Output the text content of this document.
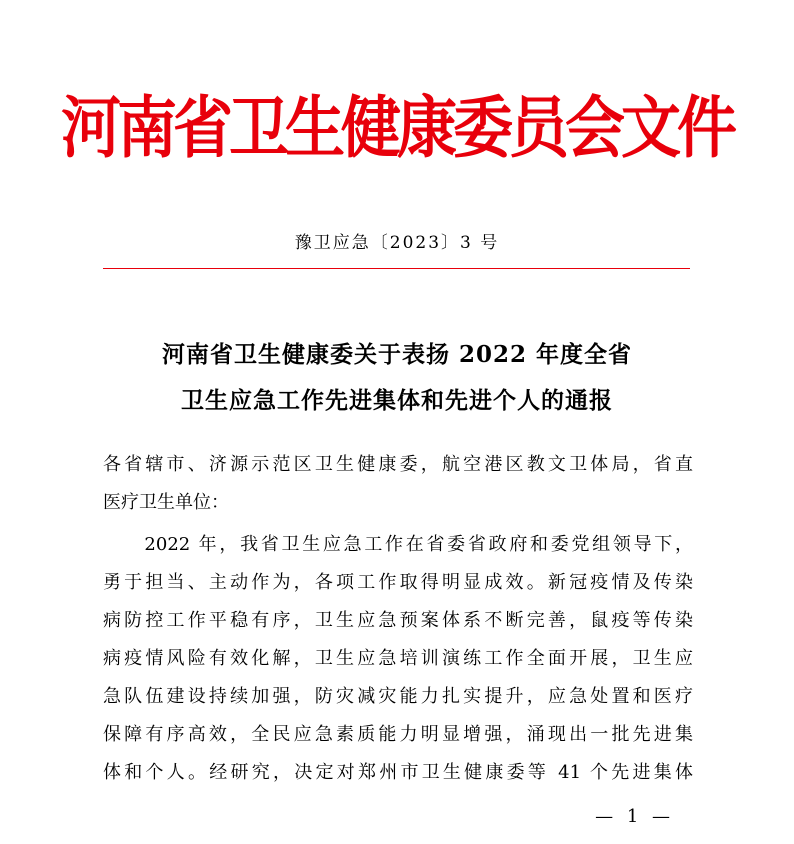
河南省卫生健康委员会文件
豫卫应急〔2023〕3 号
河南省卫生健康委关于表扬 2022 年度全省
卫生应急工作先进集体和先进个人的通报
各省辖市、济源示范区卫生健康委，航空港区教文卫体局，省直
医疗卫生单位：
　　2022 年，我省卫生应急工作在省委省政府和委党组领导下，
勇于担当、主动作为，各项工作取得明显成效。新冠疫情及传染
病防控工作平稳有序，卫生应急预案体系不断完善，鼠疫等传染
病疫情风险有效化解，卫生应急培训演练工作全面开展，卫生应
急队伍建设持续加强，防灾减灾能力扎实提升，应急处置和医疗
保障有序高效，全民应急素质能力明显增强，涌现出一批先进集
体和个人。经研究，决定对郑州市卫生健康委等 41 个先进集体
— 1 —
